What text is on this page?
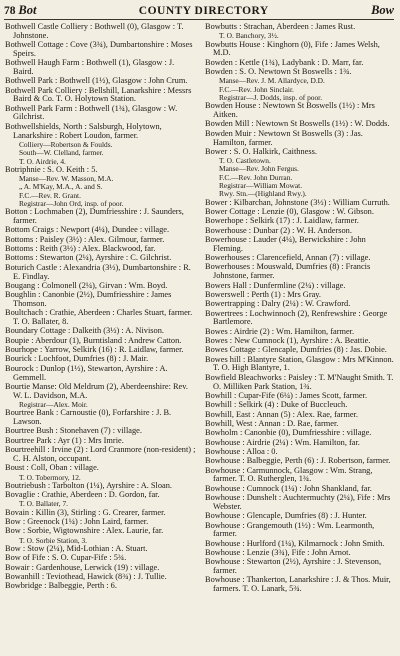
78 Bot	COUNTY DIRECTORY	Bow

Bothwell Castle Colliery : Bothwell (0), Glasgow : T. Johnstone.

Bothwell Cottage : Cove (3¾), Dumbartonshire : Moses Speirs.

Bothwell Haugh Farm : Bothwell (1), Glasgow : J. Baird.

Bothwell Park : Bothwell (1½), Glasgow : John Crum.

Bothwell Park Colliery : Bellshill, Lanarkshire : Messrs Baird & Co. T. O. Holytown Station.

Bothwell Park Farm : Bothwell (1¾), Glasgow : W. Gilchrist.

Bothwellshields, North : Salsburgh, Holytown, Lanarkshire : Robert Loudon, farmer.

Colliery—Robertson & Foulds.

South—W. Clelland, farmer.

T. O. Airdrie, 4.

Botriphnie : S. O. Keith : 5.

Manse—Rev. W. Masson, M.A.

„ A. M'Kay, M.A., A. and S.

F.C.—Rev. R. Grant.

Registrar—John Ord, insp. of poor.

Botton : Lochmaben (2), Dumfriesshire : J. Saunders, farmer.

Bottom Craigs : Newport (4¼), Dundee : village.

Bottoms : Paisley (3½) : Alex. Gilmour, farmer.

Bottoms : Reith (3½) : Alex. Blackwood, far.

Bottoms : Stewarton (2¼), Ayrshire : C. Gilchrist.

Boturich Castle : Alexandria (3½), Dumbartonshire : R. E. Findlay.

Bougang : Colmonell (2¼), Girvan : Wm. Boyd.

Boughlin : Canonbie (2½), Dumfriesshire : James Thomson.

Boultchach : Crathie, Aberdeen : Charles Stuart, farmer. T. O. Ballater, 8.

Boundary Cottage : Dalkeith (3½) : A. Nivison.

Boupie : Aberdour (1), Burntisland : Andrew Catton.

Bourhope : Yarrow, Selkirk (16) : R. Laidlaw, farmer.

Bourick : Lochfoot, Dumfries (8) : J. Mair.

Bourock : Dunlop (1½), Stewarton, Ayrshire : A. Gemmell.

Bourtie Manse: Old Meldrum (2), Aberdeenshire: Rev. W. L. Davidson, M.A.

Registrar—Alex. Moir.

Bourtree Bank : Carnoustie (0), Forfarshire : J. B. Lawson.

Bourtree Bush : Stonehaven (7) : village.

Bourtree Park : Ayr (1) : Mrs Imrie.

Bourtreehill : Irvine (2) : Lord Cranmore (non-resident) ; C. H. Alston, occupant.

Boust : Coll, Oban : village.

T. O. Tobermory, 12.

Boutriebush : Tarbolton (1¼), Ayrshire : A. Sloan.

Bovaglie : Crathie, Aberdeen : D. Gordon, far.

T. O. Ballater, 7.

Bovain : Killin (3), Stirling : G. Crearer, farmer.

Bow : Greenock (1¼) : John Laird, farmer.

Bow : Sorbie, Wigtownshire : Alex. Laurie, far.

T. O. Sorbie Station, 3.

Bow : Stow (2¼), Mid-Lothian : A. Stuart.

Bow of Fife : S. O. Cupar-Fife : 5¾.

Bowair : Gardenhouse, Lerwick (19) : village.

Bowanhill : Teviothead, Hawick (8¾) : J. Tullie.

Bowbridge : Balbeggie, Perth : 6.

Bowbutts : Strachan, Aberdeen : James Rust.

T. O. Banchory, 3½.

Bowbutts House : Kinghorn (0), Fife : James Welsh, M.D.

Bowden : Kettle (1¾), Ladybank : D. Marr, far.

Bowden : S. O. Newtown St Boswells : 1¾.

Manse—Rev. J. M. Allardyce, D.D.

F.C.—Rev. John Sinclair.

Registrar—J. Dodds, insp. of poor.

Bowden House : Newtown St Boswells (1½) : Mrs Aitken.

Bowden Mill : Newtown St Boswells (1½) : W. Dodds.

Bowden Muir : Newtown St Boswells (3) : Jas. Hamilton, farmer.

Bower : S. O. Halkirk, Caithness.

T. O. Castletown.

Manse—Rev. John Fergus.

F.C.—Rev. John Durran.

Registrar—William Mowat.

Rwy. Stn.—(Highland Rwy.).

Bower : Kilbarchan, Johnstone (3½) : William Curruth.

Bower Cottage : Lenzie (0), Glasgow : W. Gibson.

Bowerhope : Selkirk (17) : J. Laidlaw, farmer.

Bowerhouse : Dunbar (2) : W. H. Anderson.

Bowerhouse : Lauder (4¼), Berwickshire : John Fleming.

Bowerhouses : Clarencefield, Annan (7) : village.

Bowerhouses : Mouswald, Dumfries (8) : Francis Johnstone, farmer.

Bowers Hall : Dunfermline (2¼) : village.

Bowerswell : Perth (1) : Mrs Gray.

Bowertrapping : Dalry (2¼) : W. Crawford.

Bowertrees : Lochwinnoch (2), Renfrewshire : George Bartlemore.

Bowes : Airdrie (2) : Wm. Hamilton, farmer.

Bowes : New Cumnock (1), Ayrshire : A. Beattie.

Bowes Cottage : Glencaple, Dumfries (8) : Jas. Dobie.

Bowes hill : Blantyre Station, Glasgow : Mrs M'Kinnon. T. O. High Blantyre, 1.

Bowfield Bleachworks : Paisley : T. M'Naught Smith. T. O. Milliken Park Station, 1¾.

Bowhill : Cupar-Fife (6¼) : James Scott, farmer.

Bowhill : Selkirk (4) : Duke of Buccleuch.

Bowhill, East : Annan (5) : Alex. Rae, farmer.

Bowhill, West : Annan : D. Rae, farmer.

Bowholm : Canonbie (0), Dumfriesshire : village.

Bowhouse : Airdrie (2¼) : Wm. Hamilton, far.

Bowhouse : Alloa : 0.

Bowhouse : Balbeggie, Perth (6) : J. Robertson, farmer.

Bowhouse : Carmunnock, Glasgow : Wm. Strang, farmer. T. O. Rutherglen, 1¾.

Bowhouse : Cumnock (1¼) : John Shankland, far.

Bowhouse : Dunshelt : Auchtermuchty (2¼), Fife : Mrs Webster.

Bowhouse : Glencaple, Dumfries (8) : J. Hunter.

Bowhouse : Grangemouth (1½) : Wm. Learmonth, farmer.

Bowhouse : Hurlford (1¼), Kilmarnock : John Smith.

Bowhouse : Lenzie (3¾), Fife : John Arnot.

Bowhouse : Stewarton (2½), Ayrshire : J. Stevenson, farmer.

Bowhouse : Thankerton, Lanarkshire : J. & Thos. Muir, farmers. T. O. Lanark, 5¾.
